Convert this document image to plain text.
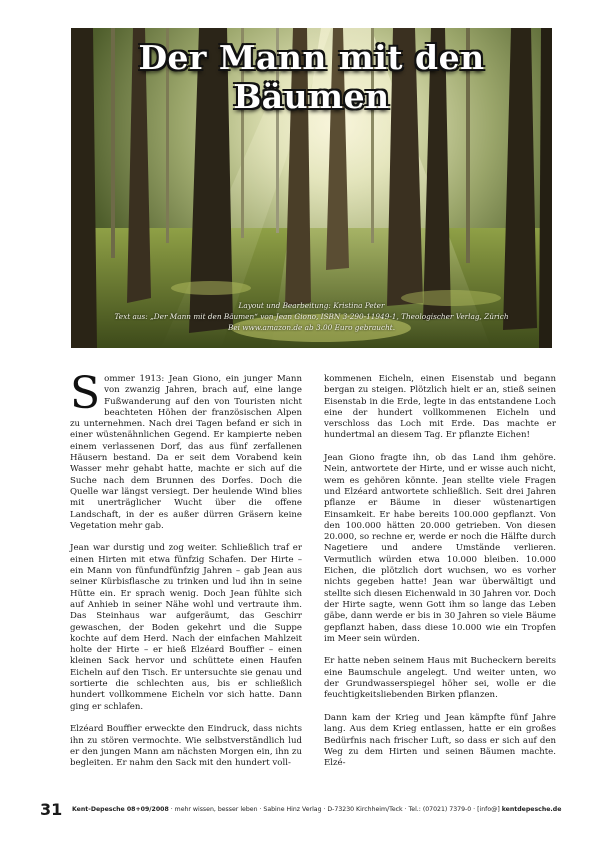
Der Mann mit den Bäumen
Layout und Bearbeitung: Kristina Peter
Text aus: „Der Mann mit den Bäumen“ von Jean Giono, ISBN 3-290-11949-1, Theologischer Verlag, Zürich
Bei www.amazon.de ab 3.00 Euro gebraucht.

Sommer 1913: Jean Giono, ein junger Mann von zwanzig Jahren, brach auf, eine lange Fußwanderung auf den von Touristen nicht beachteten Höhen der französischen Alpen zu unternehmen. Nach drei Tagen befand er sich in einer wüstenähnlichen Gegend. Er kampierte neben einem verlassenen Dorf, das aus fünf zerfallenen Häusern bestand. Da er seit dem Vorabend kein Wasser mehr gehabt hatte, machte er sich auf die Suche nach dem Brunnen des Dorfes. Doch die Quelle war längst versiegt. Der heulende Wind blies mit unerträglicher Wucht über die offene Landschaft, in der es außer dürren Gräsern keine Vegetation mehr gab.

Jean war durstig und zog weiter. Schließlich traf er einen Hirten mit etwa fünfzig Schafen. Der Hirte – ein Mann von fünfundfünfzig Jahren – gab Jean aus seiner Kürbisflasche zu trinken und lud ihn in seine Hütte ein. Er sprach wenig. Doch Jean fühlte sich auf Anhieb in seiner Nähe wohl und vertraute ihm. Das Steinhaus war aufgeräumt, das Geschirr gewaschen, der Boden gekehrt und die Suppe kochte auf dem Herd. Nach der einfachen Mahlzeit holte der Hirte – er hieß Elzéard Bouffier – einen kleinen Sack hervor und schüttete einen Haufen Eicheln auf den Tisch. Er untersuchte sie genau und sortierte die schlechten aus, bis er schließlich hundert vollkommene Eicheln vor sich hatte. Dann ging er schlafen.

Elzéard Bouffier erweckte den Eindruck, dass nichts ihn zu stören vermochte. Wie selbstverständlich lud er den jungen Mann am nächsten Morgen ein, ihn zu begleiten. Er nahm den Sack mit den hundert voll-

kommenen Eicheln, einen Eisenstab und begann bergan zu steigen. Plötzlich hielt er an, stieß seinen Eisenstab in die Erde, legte in das entstandene Loch eine der hundert vollkommenen Eicheln und verschloss das Loch mit Erde. Das machte er hundertmal an diesem Tag. Er pflanzte Eichen!

Jean Giono fragte ihn, ob das Land ihm gehöre. Nein, antwortete der Hirte, und er wisse auch nicht, wem es gehören könnte. Jean stellte viele Fragen und Elzéard antwortete schließlich. Seit drei Jahren pflanze er Bäume in dieser wüstenartigen Einsamkeit. Er habe bereits 100.000 gepflanzt. Von den 100.000 hätten 20.000 getrieben. Von diesen 20.000, so rechne er, werde er noch die Hälfte durch Nagetiere und andere Umstände verlieren. Vermutlich würden etwa 10.000 bleiben. 10.000 Eichen, die plötzlich dort wuchsen, wo es vorher nichts gegeben hatte! Jean war überwältigt und stellte sich diesen Eichenwald in 30 Jahren vor. Doch der Hirte sagte, wenn Gott ihm so lange das Leben gäbe, dann werde er bis in 30 Jahren so viele Bäume gepflanzt haben, dass diese 10.000 wie ein Tropfen im Meer sein würden.

Er hatte neben seinem Haus mit Bucheckern bereits eine Baumschule angelegt. Und weiter unten, wo der Grundwasserspiegel höher sei, wolle er die feuchtigkeitsliebenden Birken pflanzen.

Dann kam der Krieg und Jean kämpfte fünf Jahre lang. Aus dem Krieg entlassen, hatte er ein großes Bedürfnis nach frischer Luft, so dass er sich auf den Weg zu dem Hirten und seinen Bäumen machte. Elzé-

31 Kent-Depesche 08+09/2008 · mehr wissen, besser leben · Sabine Hinz Verlag · D-73230 Kirchheim/Teck · Tel.: (07021) 7379-0 · [info@] kentdepesche.de
